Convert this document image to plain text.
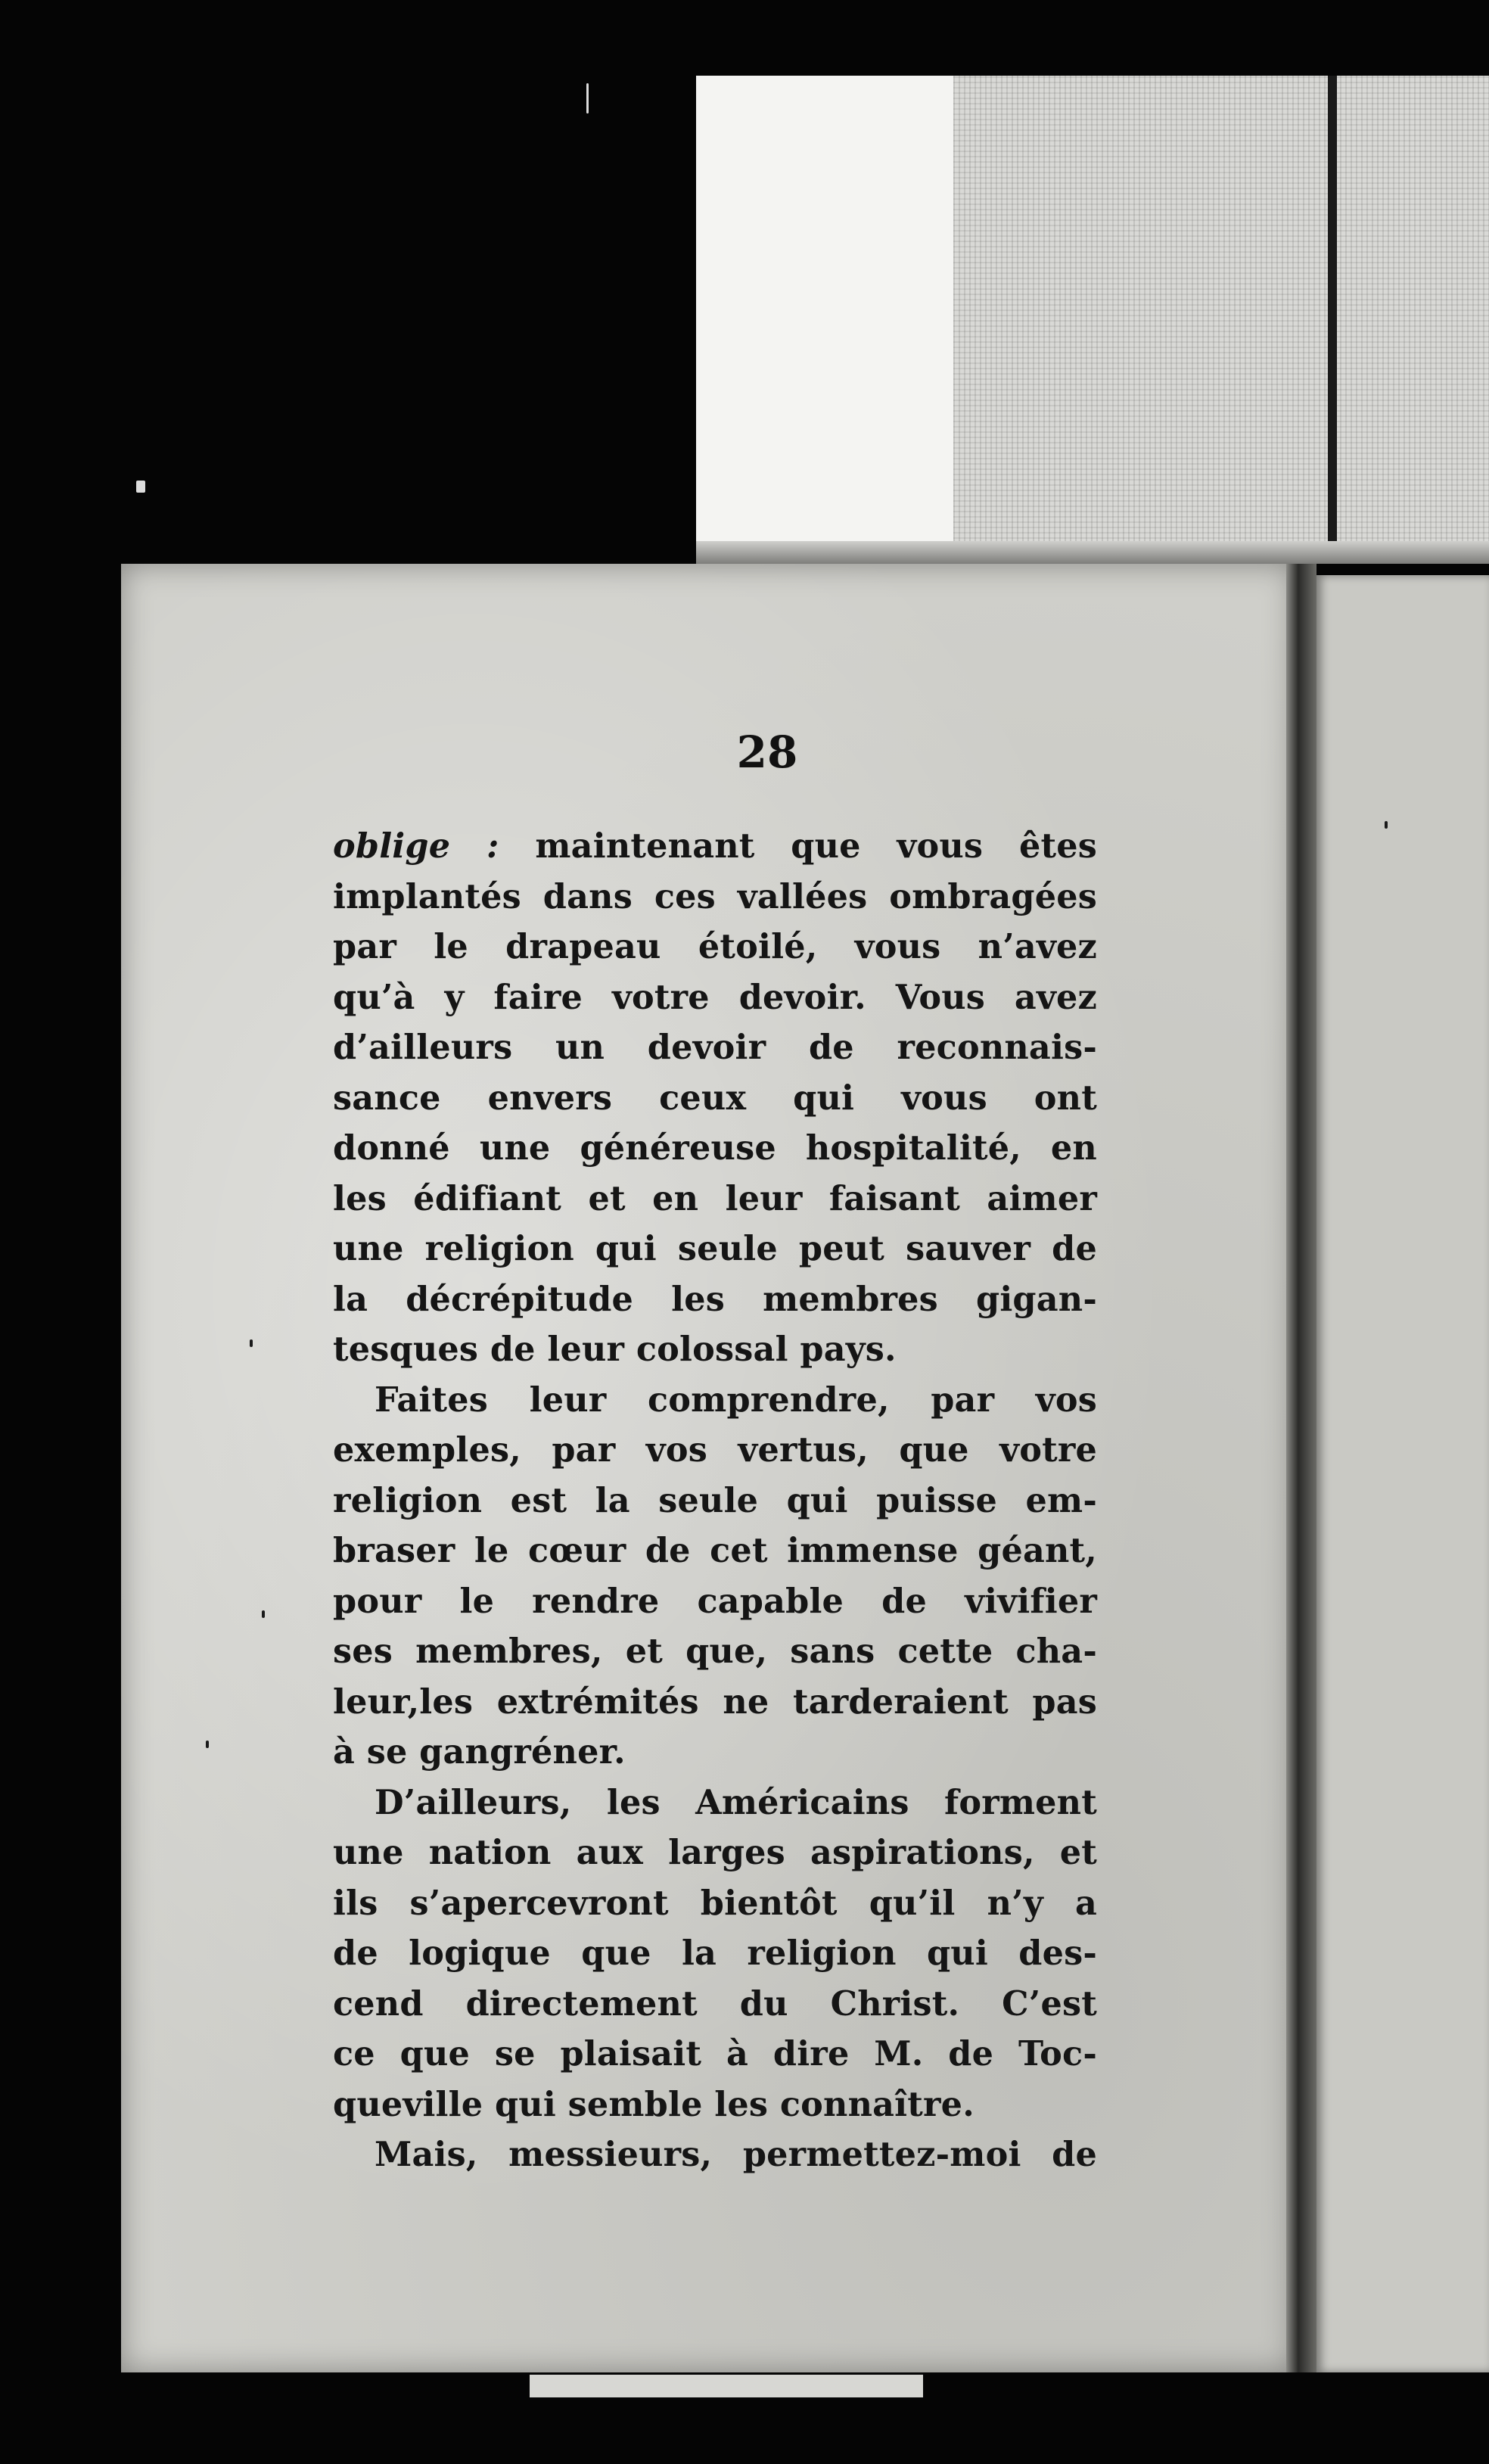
28
oblige : maintenant que vous êtes
implantés dans ces vallées ombragées
par le drapeau étoilé, vous n’avez
qu’à y faire votre devoir. Vous avez
d’ailleurs un devoir de reconnais-
sance envers ceux qui vous ont
donné une généreuse hospitalité, en
les édifiant et en leur faisant aimer
une religion qui seule peut sauver de
la décrépitude les membres gigan-
tesques de leur colossal pays.
Faites leur comprendre, par vos
exemples, par vos vertus, que votre
religion est la seule qui puisse em-
braser le cœur de cet immense géant,
pour le rendre capable de vivifier
ses membres, et que, sans cette cha-
leur,les extrémités ne tarderaient pas
à se gangréner.
D’ailleurs, les Américains forment
une nation aux larges aspirations, et
ils s’apercevront bientôt qu’il n’y a
de logique que la religion qui des-
cend directement du Christ. C’est
ce que se plaisait à dire M. de Toc-
queville qui semble les connaître.
Mais, messieurs, permettez-moi de
